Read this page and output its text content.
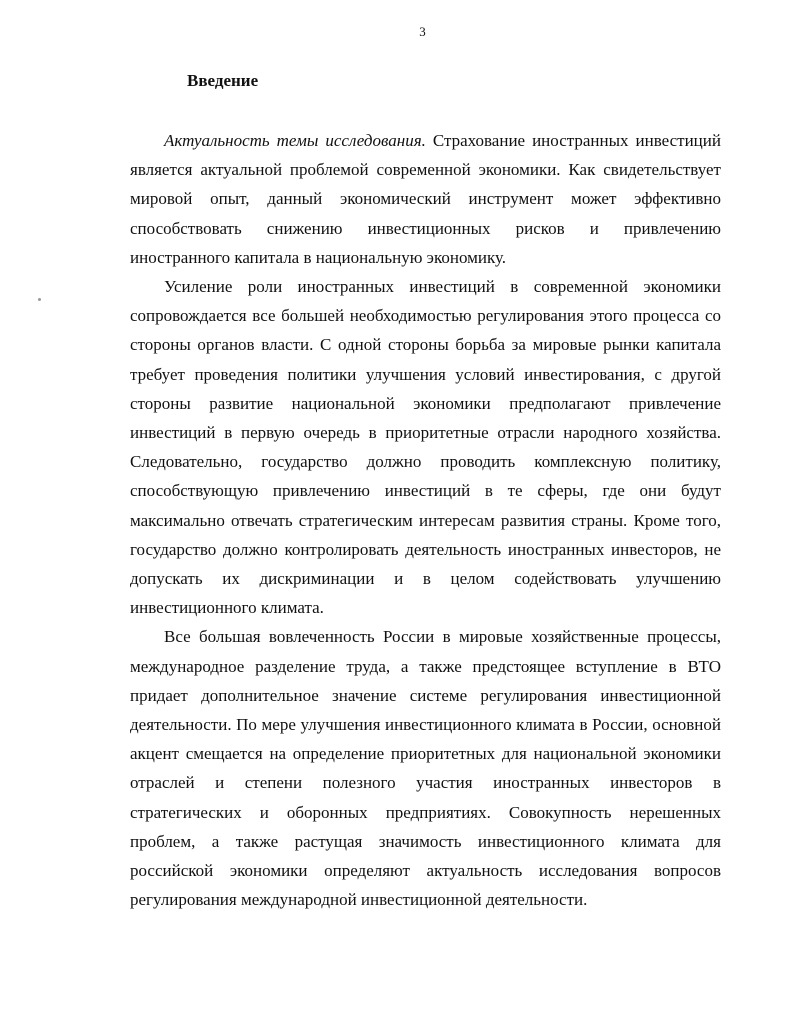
3
Введение

Актуальность темы исследования. Страхование иностранных инвестиций является актуальной проблемой современной экономики. Как свидетельствует мировой опыт, данный экономический инструмент может эффективно способствовать снижению инвестиционных рисков и привлечению иностранного капитала в национальную экономику.

Усиление роли иностранных инвестиций в современной экономики сопровождается все большей необходимостью регулирования этого процесса со стороны органов власти. С одной стороны борьба за мировые рынки капитала требует проведения политики улучшения условий инвестирования, с другой стороны развитие национальной экономики предполагают привлечение инвестиций в первую очередь в приоритетные отрасли народного хозяйства. Следовательно, государство должно проводить комплексную политику, способствующую привлечению инвестиций в те сферы, где они будут максимально отвечать стратегическим интересам развития страны. Кроме того, государство должно контролировать деятельность иностранных инвесторов, не допускать их дискриминации и в целом содействовать улучшению инвестиционного климата.

Все большая вовлеченность России в мировые хозяйственные процессы, международное разделение труда, а также предстоящее вступление в ВТО придает дополнительное значение системе регулирования инвестиционной деятельности. По мере улучшения инвестиционного климата в России, основной акцент смещается на определение приоритетных для национальной экономики отраслей и степени полезного участия иностранных инвесторов в стратегических и оборонных предприятиях. Совокупность нерешенных проблем, а также растущая значимость инвестиционного климата для российской экономики определяют актуальность исследования вопросов регулирования международной инвестиционной деятельности.
